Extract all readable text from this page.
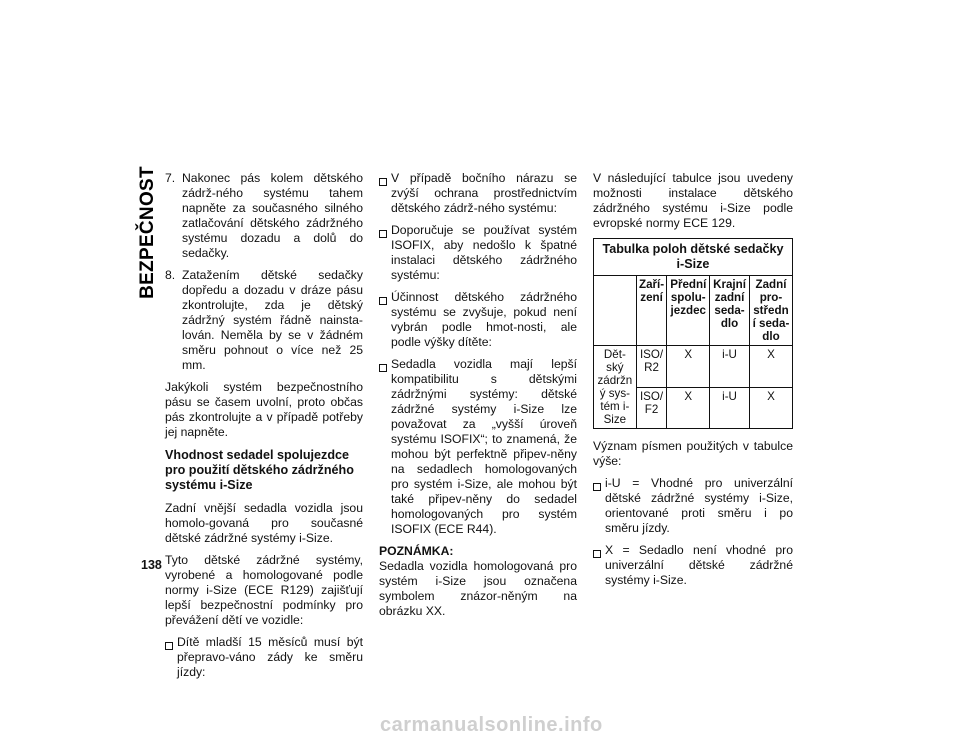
BEZPEČNOST
138
7. Nakonec pás kolem dětského zádrž-ného systému tahem napněte za současného silného zatlačování dětského zádržného systému dozadu a dolů do sedačky.
8. Zatažením dětské sedačky dopředu a dozadu v dráze pásu zkontrolujte, zda je dětský zádržný systém řádně nainsta-lován. Neměla by se v žádném směru pohnout o více než 25 mm.

Jakýkoli systém bezpečnostního pásu se časem uvolní, proto občas pás zkontrolujte a v případě potřeby jej napněte.

Vhodnost sedadel spolujezdce pro použití dětského zádržného systému i-Size

Zadní vnější sedadla vozidla jsou homolo-govaná pro současné dětské zádržné systémy i-Size.

Tyto dětské zádržné systémy, vyrobené a homologované podle normy i-Size (ECE R129) zajišťují lepší bezpečnostní podmínky pro převážení dětí ve vozidle:

Dítě mladší 15 měsíců musí být přepravo-váno zády ke směru jízdy:
V případě bočního nárazu se zvýší ochrana prostřednictvím dětského zádrž-ného systému:
Doporučuje se používat systém ISOFIX, aby nedošlo k špatné instalaci dětského zádržného systému:
Účinnost dětského zádržného systému se zvyšuje, pokud není vybrán podle hmot-nosti, ale podle výšky dítěte:
Sedadla vozidla mají lepší kompatibilitu s dětskými zádržnými systémy: dětské zádržné systémy i-Size lze považovat za „vyšší úroveň systému ISOFIX“; to znamená, že mohou být perfektně připev-něny na sedadlech homologovaných pro systém i-Size, ale mohou být také připev-něny do sedadel homologovaných pro systém ISOFIX (ECE R44).
POZNÁMKA:

Sedadla vozidla homologovaná pro systém i-Size jsou označena symbolem znázor-něným na obrázku XX.

V následující tabulce jsou uvedeny možnosti instalace dětského zádržného systému i-Size podle evropské normy ECE 129.

Tabulka poloh dětské sedačky i-Size				
	Zaří-zení	Přední spolu-jezdec	Krajní zadní seda-dlo	Zadní pro-středn í seda-dlo
Dět-ský zádržn ý sys-tém i-Size	ISO/ R2	X	i-U	X
	ISO/ F2	X	i-U	X

Význam písmen použitých v tabulce výše:

i-U = Vhodné pro univerzální dětské zádržné systémy i-Size, orientované proti směru i po směru jízdy.
X = Sedadlo není vhodné pro univerzální dětské zádržné systémy i-Size.
carmanualsonline.info
